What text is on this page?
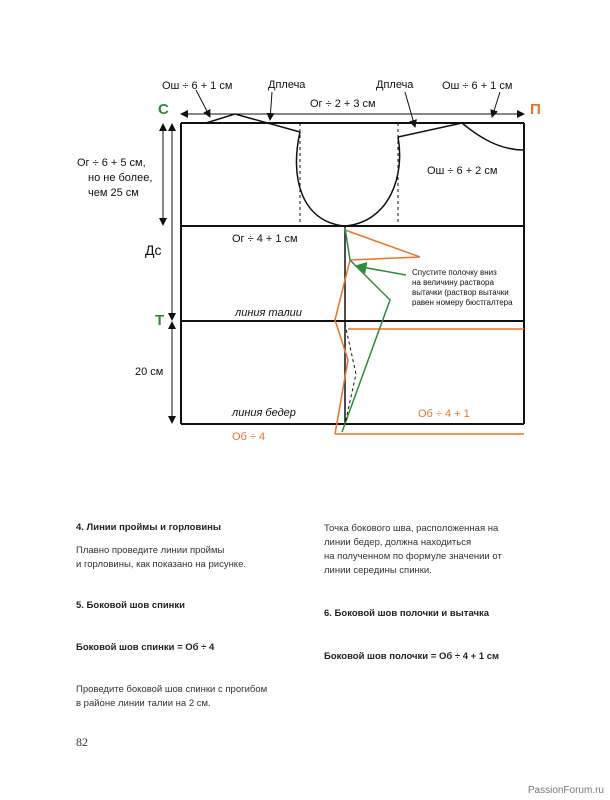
Ош ÷ 6 + 1 см	Дплеча	Дплеча	Ош ÷ 6 + 1 см
Ог ÷ 2 + 3 см
С	П
Ог ÷ 6 + 5 см,
но не более,
чем 25 см
Ош ÷ 6 + 2 см
Ог ÷ 4 + 1 см
Дс
Т	линия талии
20 см
линия бедер
Об ÷ 4
Об ÷ 4 + 1
Спустите полочку вниз
на величину раствора
вытачки (раствор вытачки
равен номеру бюстгалтера

4. Линии проймы и горловины

Плавно проведите линии проймы

и горловины, как показано на рисунке.

5. Боковой шов спинки

Боковой шов спинки = Об ÷ 4

Проведите боковой шов спинки с прогибом

в районе линии талии на 2 см.

Точка бокового шва, расположенная на

линии бедер, должна находиться

на полученном по формуле значении от

линии середины спинки.

6. Боковой шов полочки и вытачка

Боковой шов полочки = Об ÷ 4 + 1 см

82
PassionForum.ru
